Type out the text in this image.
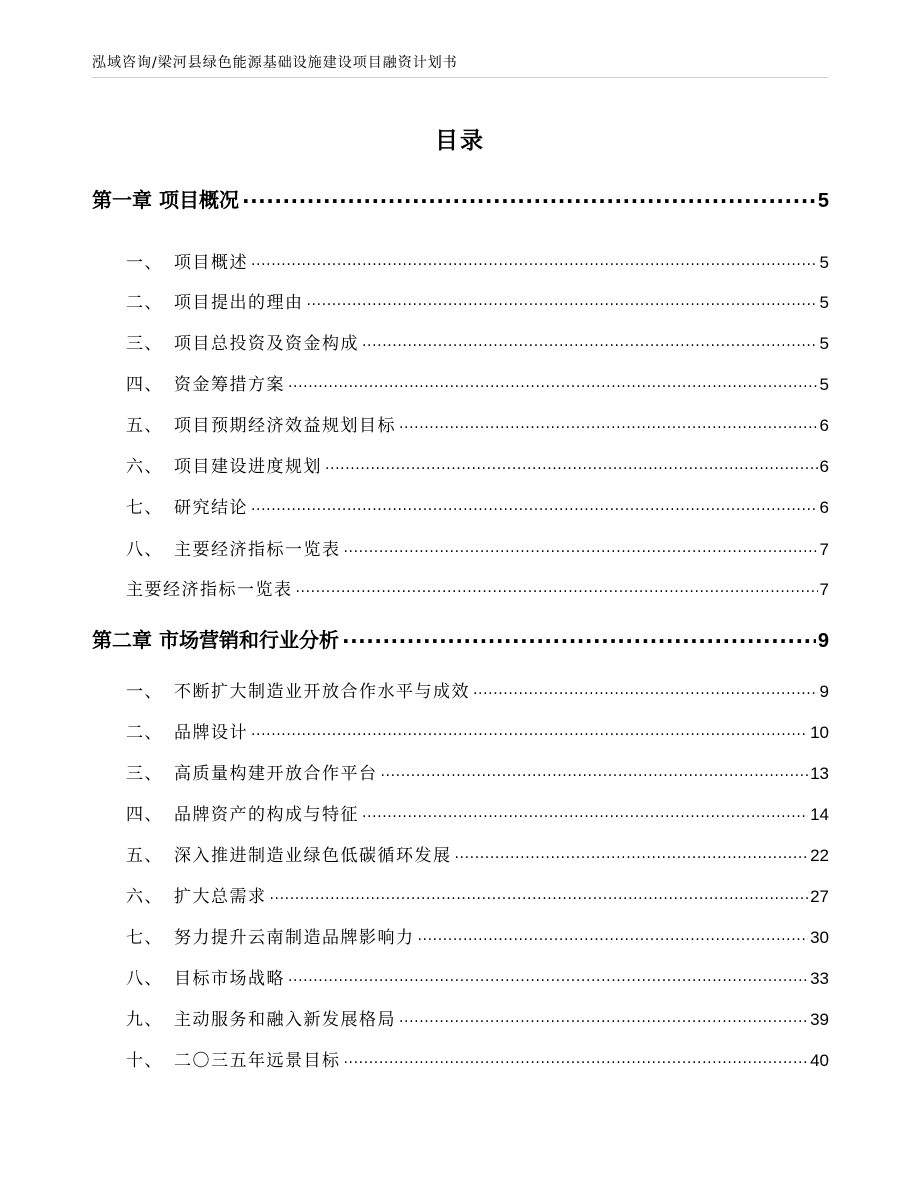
泓域咨询/梁河县绿色能源基础设施建设项目融资计划书
目录
第一章 项目概况 .....	5
一、 项目概述 .....	5
二、 项目提出的理由 .....	5
三、 项目总投资及资金构成 .....	5
四、 资金筹措方案 .....	5
五、 项目预期经济效益规划目标 .....	6
六、 项目建设进度规划 .....	6
七、 研究结论 .....	6
八、 主要经济指标一览表 .....	7
主要经济指标一览表 .....	7
第二章 市场营销和行业分析 .....	9
一、 不断扩大制造业开放合作水平与成效 .....	9
二、 品牌设计 .....	10
三、 高质量构建开放合作平台 .....	13
四、 品牌资产的构成与特征 .....	14
五、 深入推进制造业绿色低碳循环发展 .....	22
六、 扩大总需求 .....	27
七、 努力提升云南制造品牌影响力 .....	30
八、 目标市场战略 .....	33
九、 主动服务和融入新发展格局 .....	39
十、 二〇三五年远景目标 .....	40
